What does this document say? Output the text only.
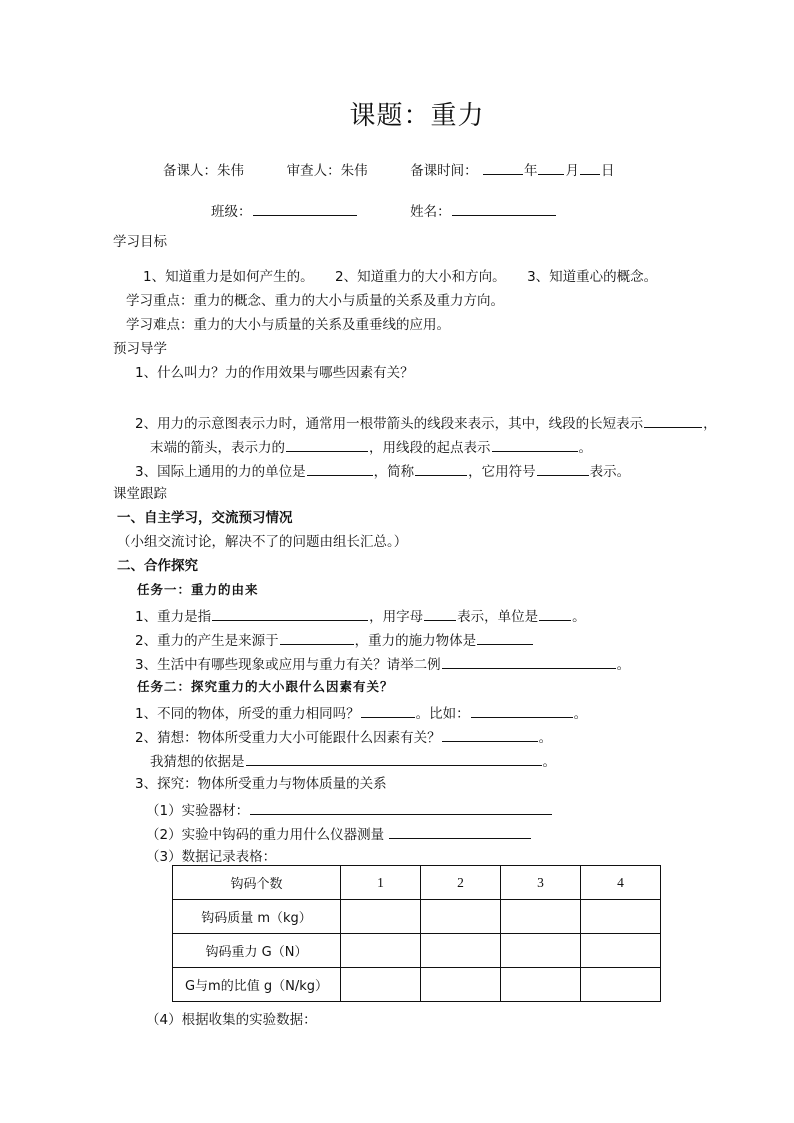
课题：重力
备课人：朱伟	审查人：朱伟	备课时间：	年 月 日
班级：	姓名：
学习目标
1、知道重力是如何产生的。     2、知道重力的大小和方向。     3、知道重心的概念。
学习重点：重力的概念、重力的大小与质量的关系及重力方向。
学习难点：重力的大小与质量的关系及重垂线的应用。
预习导学
1、什么叫力？力的作用效果与哪些因素有关？
2、用力的示意图表示力时，通常用一根带箭头的线段来表示，其中，线段的长短表示	，
末端的箭头，表示力的	，用线段的起点表示	。
3、国际上通用的力的单位是	，简称	，它用符号	表示。
课堂跟踪
一、自主学习，交流预习情况
（小组交流讨论，解决不了的问题由组长汇总。）
二、合作探究
任务一：重力的由来
1、重力是指	，用字母	表示，单位是	。
2、重力的产生是来源于	，重力的施力物体是
3、生活中有哪些现象或应用与重力有关？请举二例	。
任务二：探究重力的大小跟什么因素有关？
1、不同的物体，所受的重力相同吗？	。比如：	。
2、猜想：物体所受重力大小可能跟什么因素有关？	。
我猜想的依据是	。
3、探究：物体所受重力与物体质量的关系
（1）实验器材：
（2）实验中钩码的重力用什么仪器测量
（3）数据记录表格：
钩码个数	1	2	3	4
钩码质量 m（kg）				
钩码重力 G（N）				
G与m的比值 g（N/kg）				
（4）根据收集的实验数据：
